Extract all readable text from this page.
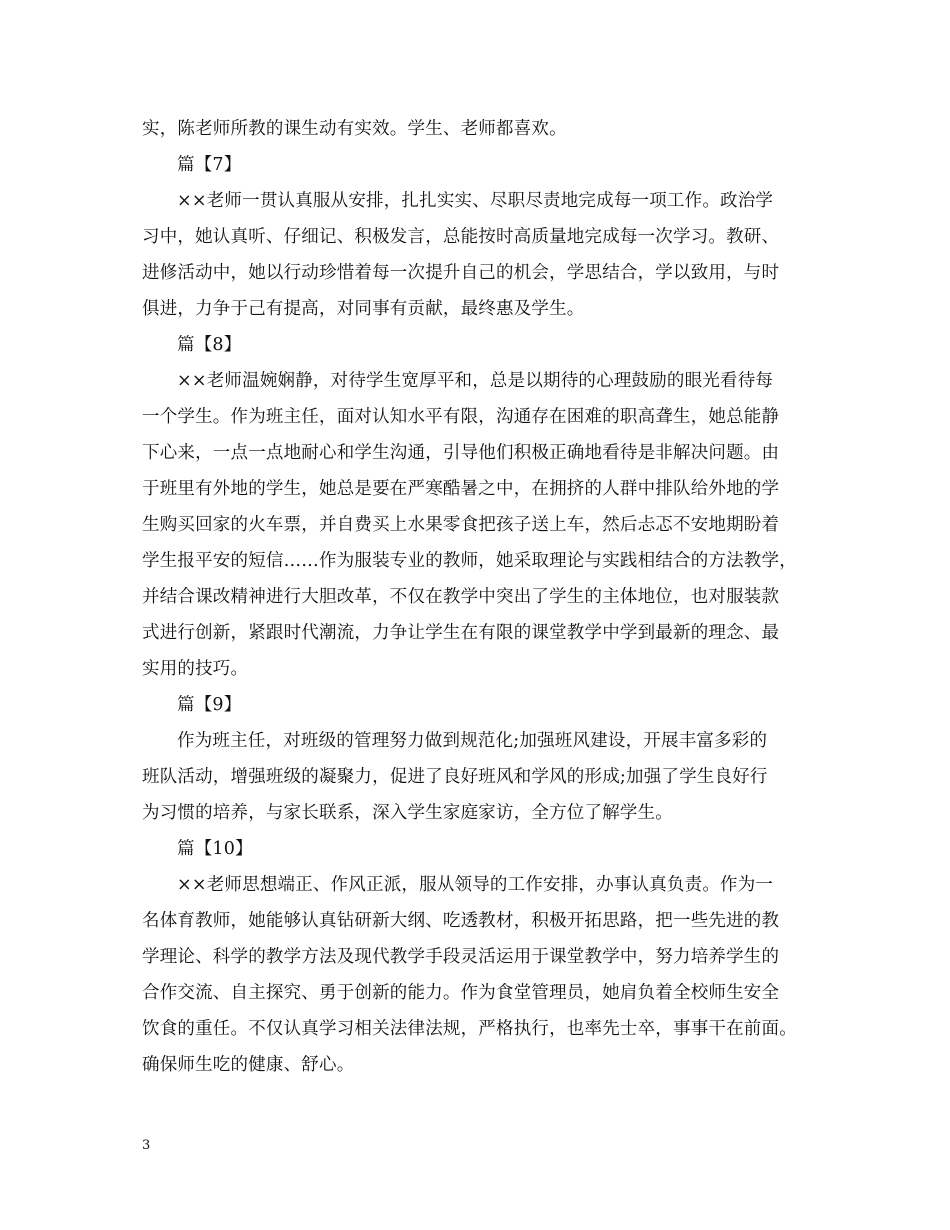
实，陈老师所教的课生动有实效。学生、老师都喜欢。
篇【7】
××老师一贯认真服从安排，扎扎实实、尽职尽责地完成每一项工作。政治学
习中，她认真听、仔细记、积极发言，总能按时高质量地完成每一次学习。教研、
进修活动中，她以行动珍惜着每一次提升自己的机会，学思结合，学以致用，与时
俱进，力争于己有提高，对同事有贡献，最终惠及学生。
篇【8】
××老师温婉娴静，对待学生宽厚平和，总是以期待的心理鼓励的眼光看待每
一个学生。作为班主任，面对认知水平有限，沟通存在困难的职高聋生，她总能静
下心来，一点一点地耐心和学生沟通，引导他们积极正确地看待是非解决问题。由
于班里有外地的学生，她总是要在严寒酷暑之中，在拥挤的人群中排队给外地的学
生购买回家的火车票，并自费买上水果零食把孩子送上车，然后忐忑不安地期盼着
学生报平安的短信……作为服装专业的教师，她采取理论与实践相结合的方法教学，
并结合课改精神进行大胆改革，不仅在教学中突出了学生的主体地位，也对服装款
式进行创新，紧跟时代潮流，力争让学生在有限的课堂教学中学到最新的理念、最
实用的技巧。
篇【9】
作为班主任，对班级的管理努力做到规范化;加强班风建设，开展丰富多彩的
班队活动，增强班级的凝聚力，促进了良好班风和学风的形成;加强了学生良好行
为习惯的培养，与家长联系，深入学生家庭家访，全方位了解学生。
篇【10】
××老师思想端正、作风正派，服从领导的工作安排，办事认真负责。作为一
名体育教师，她能够认真钻研新大纲、吃透教材，积极开拓思路，把一些先进的教
学理论、科学的教学方法及现代教学手段灵活运用于课堂教学中，努力培养学生的
合作交流、自主探究、勇于创新的能力。作为食堂管理员，她肩负着全校师生安全
饮食的重任。不仅认真学习相关法律法规，严格执行，也率先士卒，事事干在前面。
确保师生吃的健康、舒心。
3
